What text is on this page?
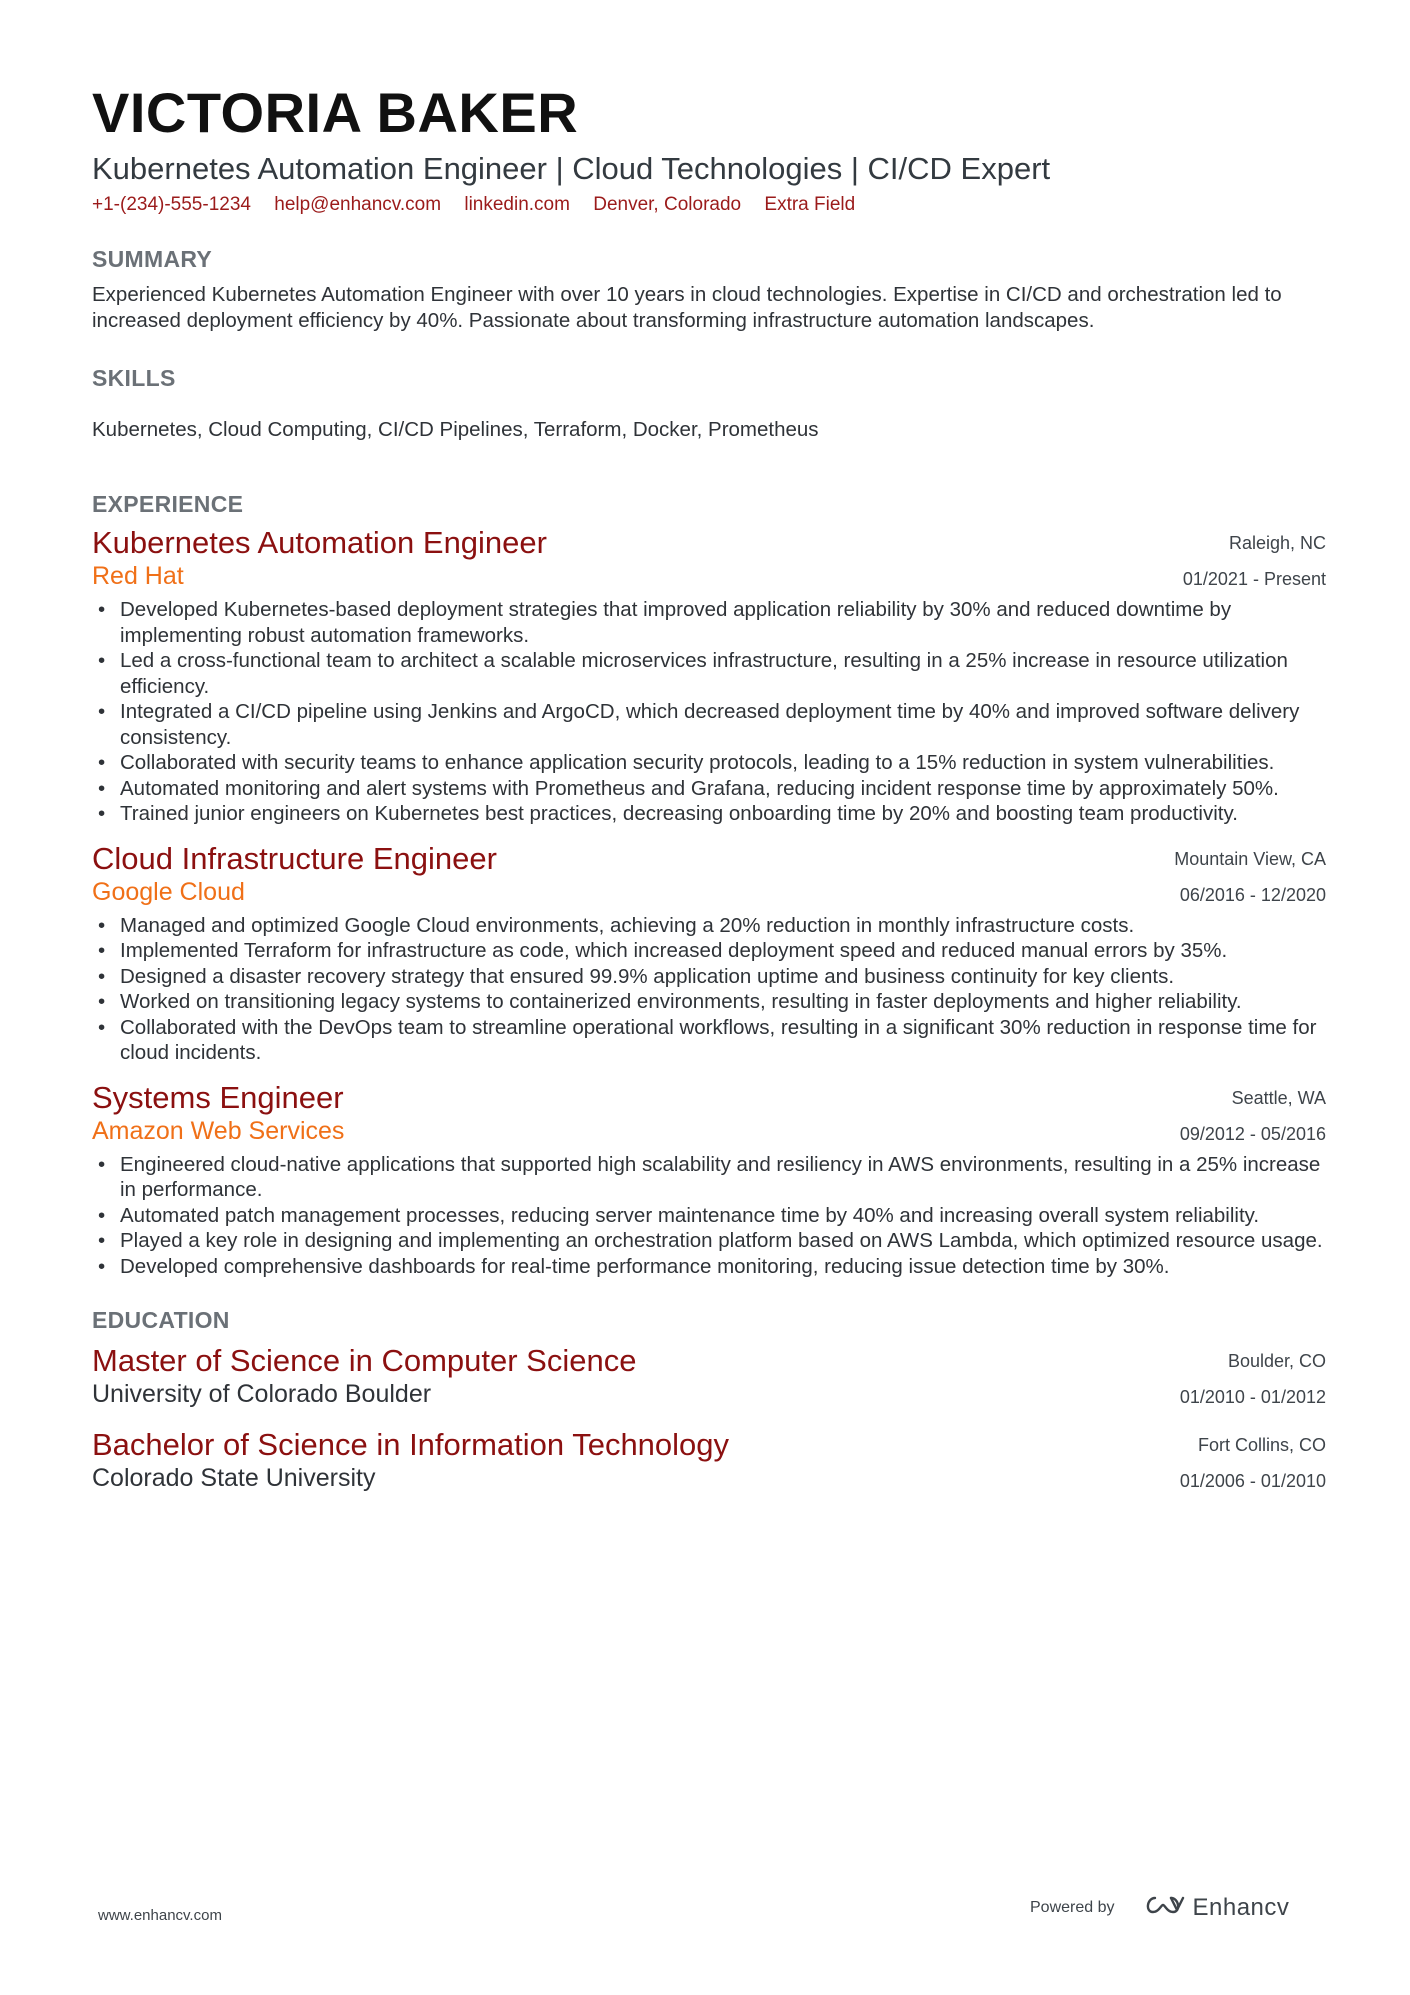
VICTORIA BAKER
Kubernetes Automation Engineer | Cloud Technologies | CI/CD Expert
+1-(234)-555-1234 help@enhancv.com linkedin.com Denver, Colorado Extra Field
SUMMARY
Experienced Kubernetes Automation Engineer with over 10 years in cloud technologies. Expertise in CI/CD and orchestration led to increased deployment efficiency by 40%. Passionate about transforming infrastructure automation landscapes.
SKILLS
Kubernetes, Cloud Computing, CI/CD Pipelines, Terraform, Docker, Prometheus
EXPERIENCE
Raleigh, NC
01/2021 - Present
Kubernetes Automation Engineer
Red Hat
• Developed Kubernetes-based deployment strategies that improved application reliability by 30% and reduced downtime by implementing robust automation frameworks.
• Led a cross-functional team to architect a scalable microservices infrastructure, resulting in a 25% increase in resource utilization efficiency.
• Integrated a CI/CD pipeline using Jenkins and ArgoCD, which decreased deployment time by 40% and improved software delivery consistency.
• Collaborated with security teams to enhance application security protocols, leading to a 15% reduction in system vulnerabilities.
• Automated monitoring and alert systems with Prometheus and Grafana, reducing incident response time by approximately 50%.
• Trained junior engineers on Kubernetes best practices, decreasing onboarding time by 20% and boosting team productivity.
Mountain View, CA
06/2016 - 12/2020
Cloud Infrastructure Engineer
Google Cloud
• Managed and optimized Google Cloud environments, achieving a 20% reduction in monthly infrastructure costs.
• Implemented Terraform for infrastructure as code, which increased deployment speed and reduced manual errors by 35%.
• Designed a disaster recovery strategy that ensured 99.9% application uptime and business continuity for key clients.
• Worked on transitioning legacy systems to containerized environments, resulting in faster deployments and higher reliability.
• Collaborated with the DevOps team to streamline operational workflows, resulting in a significant 30% reduction in response time for cloud incidents.
Seattle, WA
09/2012 - 05/2016
Systems Engineer
Amazon Web Services
• Engineered cloud-native applications that supported high scalability and resiliency in AWS environments, resulting in a 25% increase in performance.
• Automated patch management processes, reducing server maintenance time by 40% and increasing overall system reliability.
• Played a key role in designing and implementing an orchestration platform based on AWS Lambda, which optimized resource usage.
• Developed comprehensive dashboards for real-time performance monitoring, reducing issue detection time by 30%.
EDUCATION
Boulder, CO
01/2010 - 01/2012
Master of Science in Computer Science
University of Colorado Boulder
Fort Collins, CO
01/2006 - 01/2010
Bachelor of Science in Information Technology
Colorado State University
www.enhancv.com	Powered by	Enhancv
